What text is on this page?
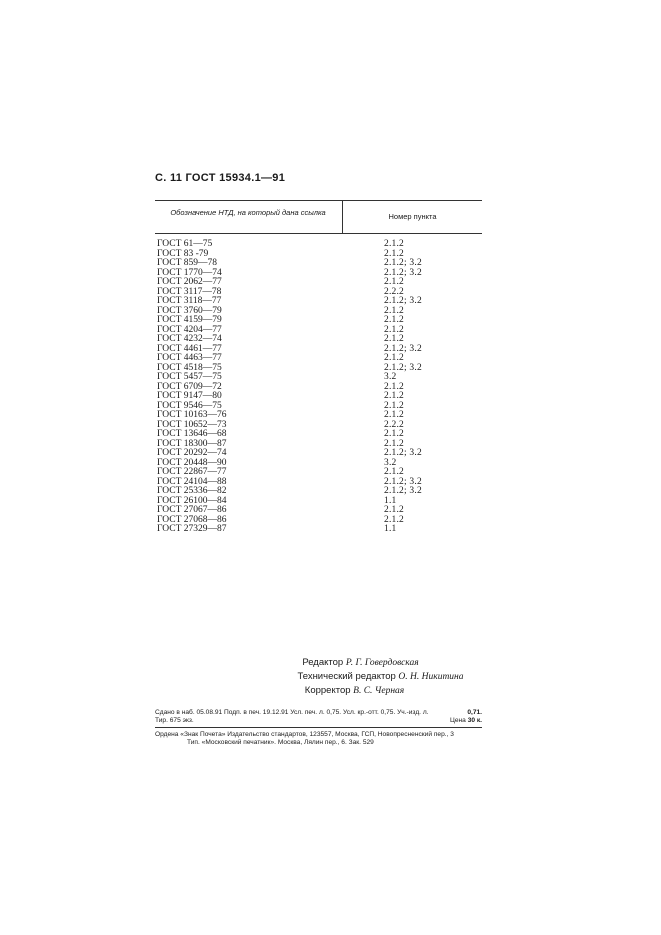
С. 11 ГОСТ 15934.1—91
Обозначение НТД, на который дана ссылка	Номер пункта
ГОСТ 61—75	2.1.2
ГОСТ 83 -79	2.1.2
ГОСТ 859—78	2.1.2; 3.2
ГОСТ 1770—74	2.1.2; 3.2
ГОСТ 2062—77	2.1.2
ГОСТ 3117—78	2.2.2
ГОСТ 3118—77	2.1.2; 3.2
ГОСТ 3760—79	2.1.2
ГОСТ 4159—79	2.1.2
ГОСТ 4204—77	2.1.2
ГОСТ 4232—74	2.1.2
ГОСТ 4461—77	2.1.2; 3.2
ГОСТ 4463—77	2.1.2
ГОСТ 4518—75	2.1.2; 3.2
ГОСТ 5457—75	3.2
ГОСТ 6709—72	2.1.2
ГОСТ 9147—80	2.1.2
ГОСТ 9546—75	2.1.2
ГОСТ 10163—76	2.1.2
ГОСТ 10652—73	2.2.2
ГОСТ 13646—68	2.1.2
ГОСТ 18300—87	2.1.2
ГОСТ 20292—74	2.1.2; 3.2
ГОСТ 20448—90	3.2
ГОСТ 22867—77	2.1.2
ГОСТ 24104—88	2.1.2; 3.2
ГОСТ 25336—82	2.1.2; 3.2
ГОСТ 26100—84	1.1
ГОСТ 27067—86	2.1.2
ГОСТ 27068—86	2.1.2
ГОСТ 27329—87	1.1
Редактор Р. Г. Говердовская
Технический редактор О. Н. Никитина
Корректор В. С. Черная
Сдано в наб. 05.08.91 Подп. в печ. 19.12.91 Усл. печ. л. 0,75. Усл. кр.-отт. 0,75. Уч.-изд. л.	0,71.
Тир. 675 экз.	Цена 30 к.
Ордена «Знак Почета» Издательство стандартов, 123557, Москва, ГСП, Новопресненский пер., 3
Тип. «Московский печатник». Москва, Лялин пер., 6. Зак. 529
